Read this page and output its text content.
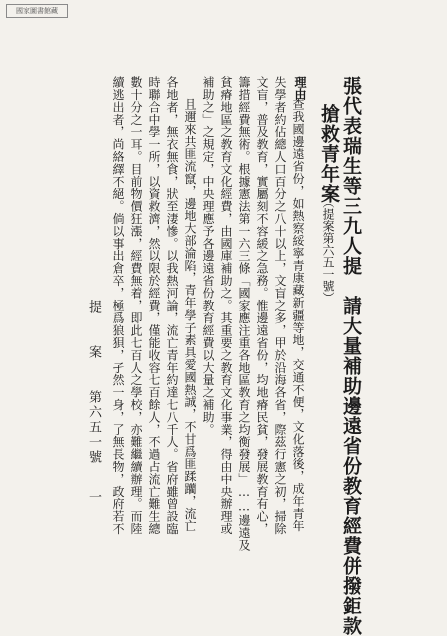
國家圖書館藏
張代表瑞生等三九人提　請大量補助邊遠省份教育經費併撥鉅款
搶救青年案
（提案第六五一號）
理由
查我國邊遠省份，如熱察綏寧青康藏新疆等地，交通不便，文化落後，成年青年
失學者約佔總人口百分之八十以上，文盲之多，甲於沿海各省，際茲行憲之初，掃除
文盲，普及教育，實屬刻不容緩之急務。惟邊遠省份，均地瘠民貧，發展教育有心，
籌措經費無術。根據憲法第一六三條「國家應注重各地區教育之均衡發展」……邊遠及
貧瘠地區之教育文化經費，由國庫補助之。其重要之教育文化事業，得由中央辦理或
補助之」之規定，中央理應予各邊遠省份教育經費以大量之補助。
且邇來共匪流竄，邊地大部淪陷，青年學子素具愛國熱誠，不甘爲匪蹂躪，流亡
各地者，無衣無食，狀至淒慘。以我熱河論，流亡青年約達七八千人。省府雖曾設臨
時聯合中學一所，以資救濟，然以限於經費，僅能收容七百餘人，不過占流亡難生總
數十分之一耳。目前物價狂漲，經費無着，即此七百人之學校，亦難繼續辦理。而陸
續逃出者，尚絡繹不絕。倘以事出倉卒，極爲狼狽，孑然一身，了無長物，政府若不
提　　案　　第六五一號
一
